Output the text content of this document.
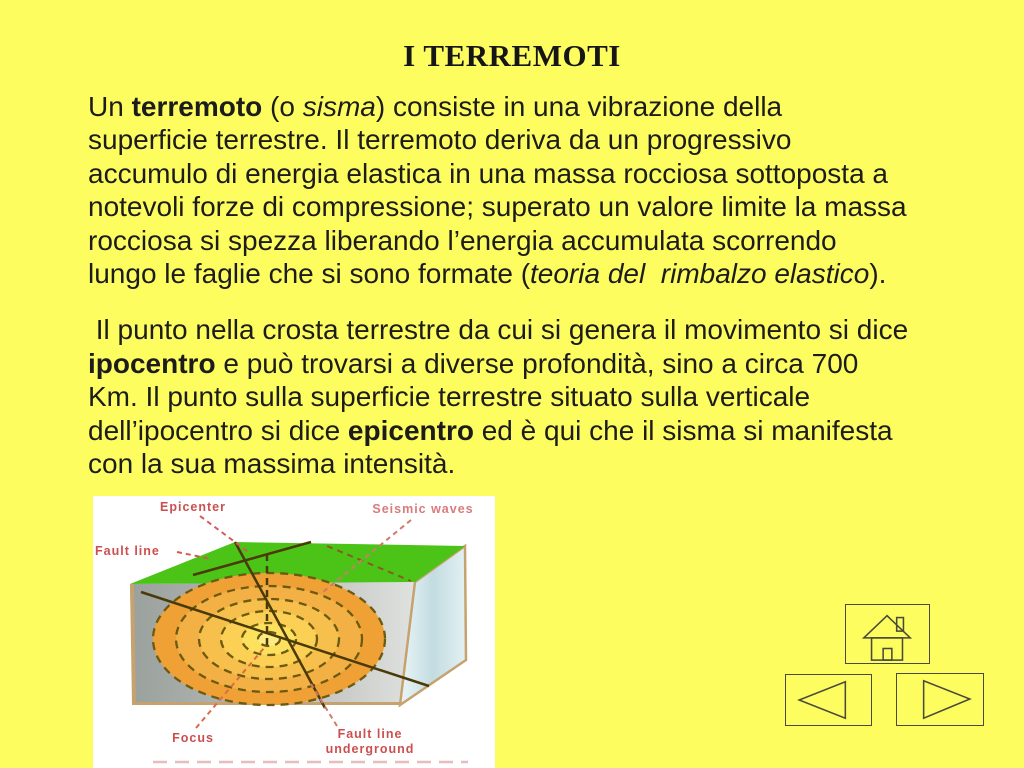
I TERREMOTI
Un terremoto (o sisma) consiste in una vibrazione della
superficie terrestre. Il terremoto deriva da un progressivo
accumulo di energia elastica in una massa rocciosa sottoposta a
notevoli forze di compressione; superato un valore limite la massa
rocciosa si spezza liberando l’energia accumulata scorrendo
lungo le faglie che si sono formate (teoria del  rimbalzo elastico).
Il punto nella crosta terrestre da cui si genera il movimento si dice
ipocentro e può trovarsi a diverse profondità, sino a circa 700
Km. Il punto sulla superficie terrestre situato sulla verticale
dell’ipocentro si dice epicentro ed è qui che il sisma si manifesta
con la sua massima intensità.
Epicenter	Seismic waves
Fault line
Focus	Fault line
underground
